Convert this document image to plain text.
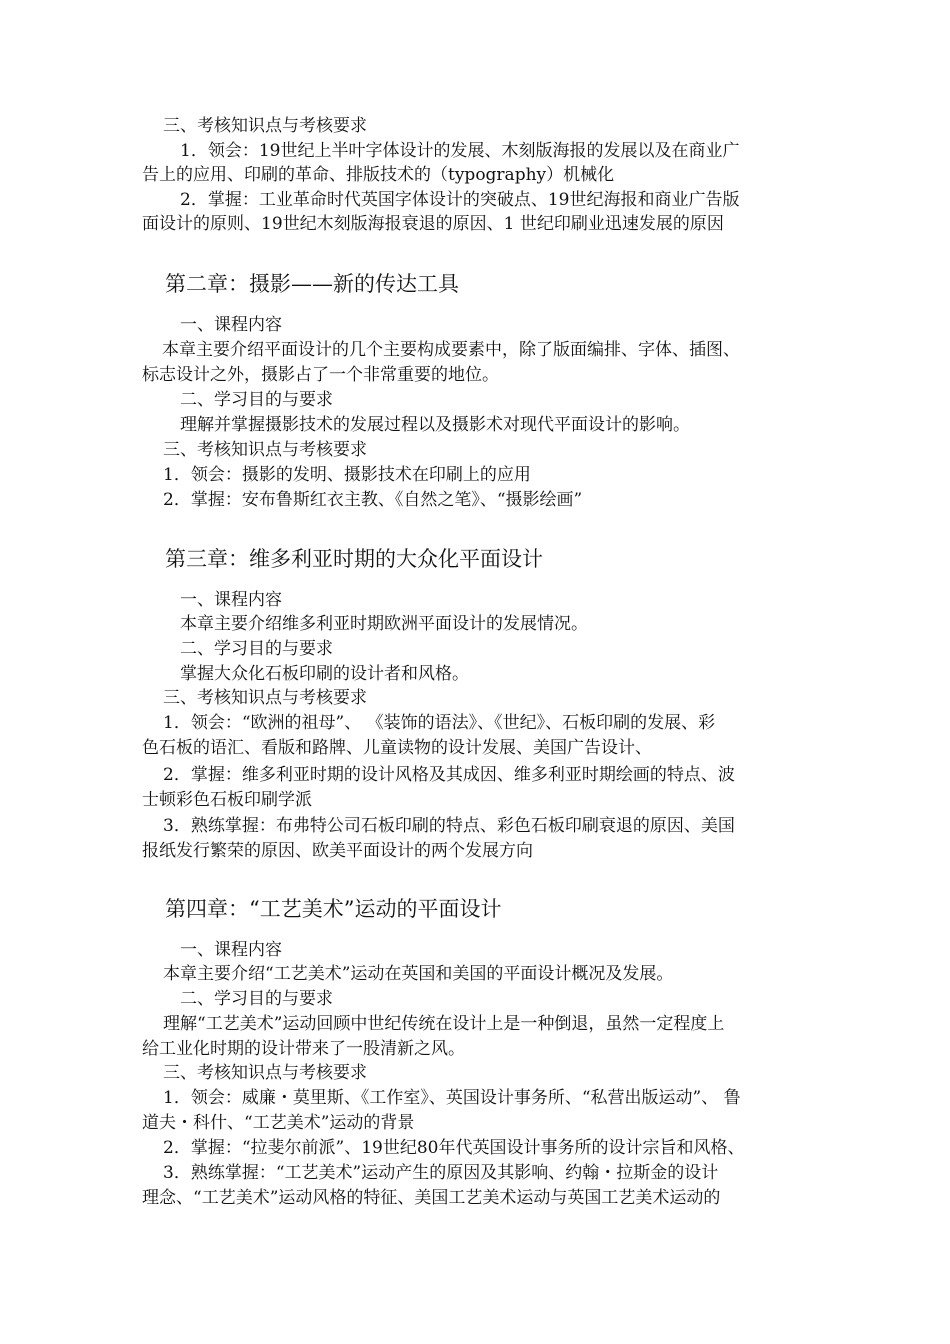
三、考核知识点与考核要求
1．领会：19世纪上半叶字体设计的发展、木刻版海报的发展以及在商业广
告上的应用、印刷的革命、排版技术的（typography）机械化
2．掌握：工业革命时代英国字体设计的突破点、19世纪海报和商业广告版
面设计的原则、19世纪木刻版海报衰退的原因、1 世纪印刷业迅速发展的原因
第二章：摄影——新的传达工具
一、课程内容
本章主要介绍平面设计的几个主要构成要素中，除了版面编排、字体、插图、
标志设计之外，摄影占了一个非常重要的地位。
二、学习目的与要求
理解并掌握摄影技术的发展过程以及摄影术对现代平面设计的影响。
三、考核知识点与考核要求
1．领会：摄影的发明、摄影技术在印刷上的应用
2．掌握：安布鲁斯红衣主教、《自然之笔》、“摄影绘画”
第三章：维多利亚时期的大众化平面设计
一、课程内容
本章主要介绍维多利亚时期欧洲平面设计的发展情况。
二、学习目的与要求
掌握大众化石板印刷的设计者和风格。
三、考核知识点与考核要求
1．领会：“欧洲的祖母”、 《装饰的语法》、《世纪》、石板印刷的发展、彩
色石板的语汇、看版和路牌、儿童读物的设计发展、美国广告设计、
2．掌握：维多利亚时期的设计风格及其成因、维多利亚时期绘画的特点、波
士顿彩色石板印刷学派
3．熟练掌握：布弗特公司石板印刷的特点、彩色石板印刷衰退的原因、美国
报纸发行繁荣的原因、欧美平面设计的两个发展方向
第四章：“工艺美术”运动的平面设计
一、课程内容
本章主要介绍“工艺美术”运动在英国和美国的平面设计概况及发展。
二、学习目的与要求
理解“工艺美术”运动回顾中世纪传统在设计上是一种倒退，虽然一定程度上
给工业化时期的设计带来了一股清新之风。
三、考核知识点与考核要求
1．领会：威廉・莫里斯、《工作室》、英国设计事务所、“私营出版运动”、 鲁
道夫・科什、“工艺美术”运动的背景
2．掌握：“拉斐尔前派”、19世纪80年代英国设计事务所的设计宗旨和风格、
3．熟练掌握：“工艺美术”运动产生的原因及其影响、约翰・拉斯金的设计
理念、“工艺美术”运动风格的特征、美国工艺美术运动与英国工艺美术运动的
